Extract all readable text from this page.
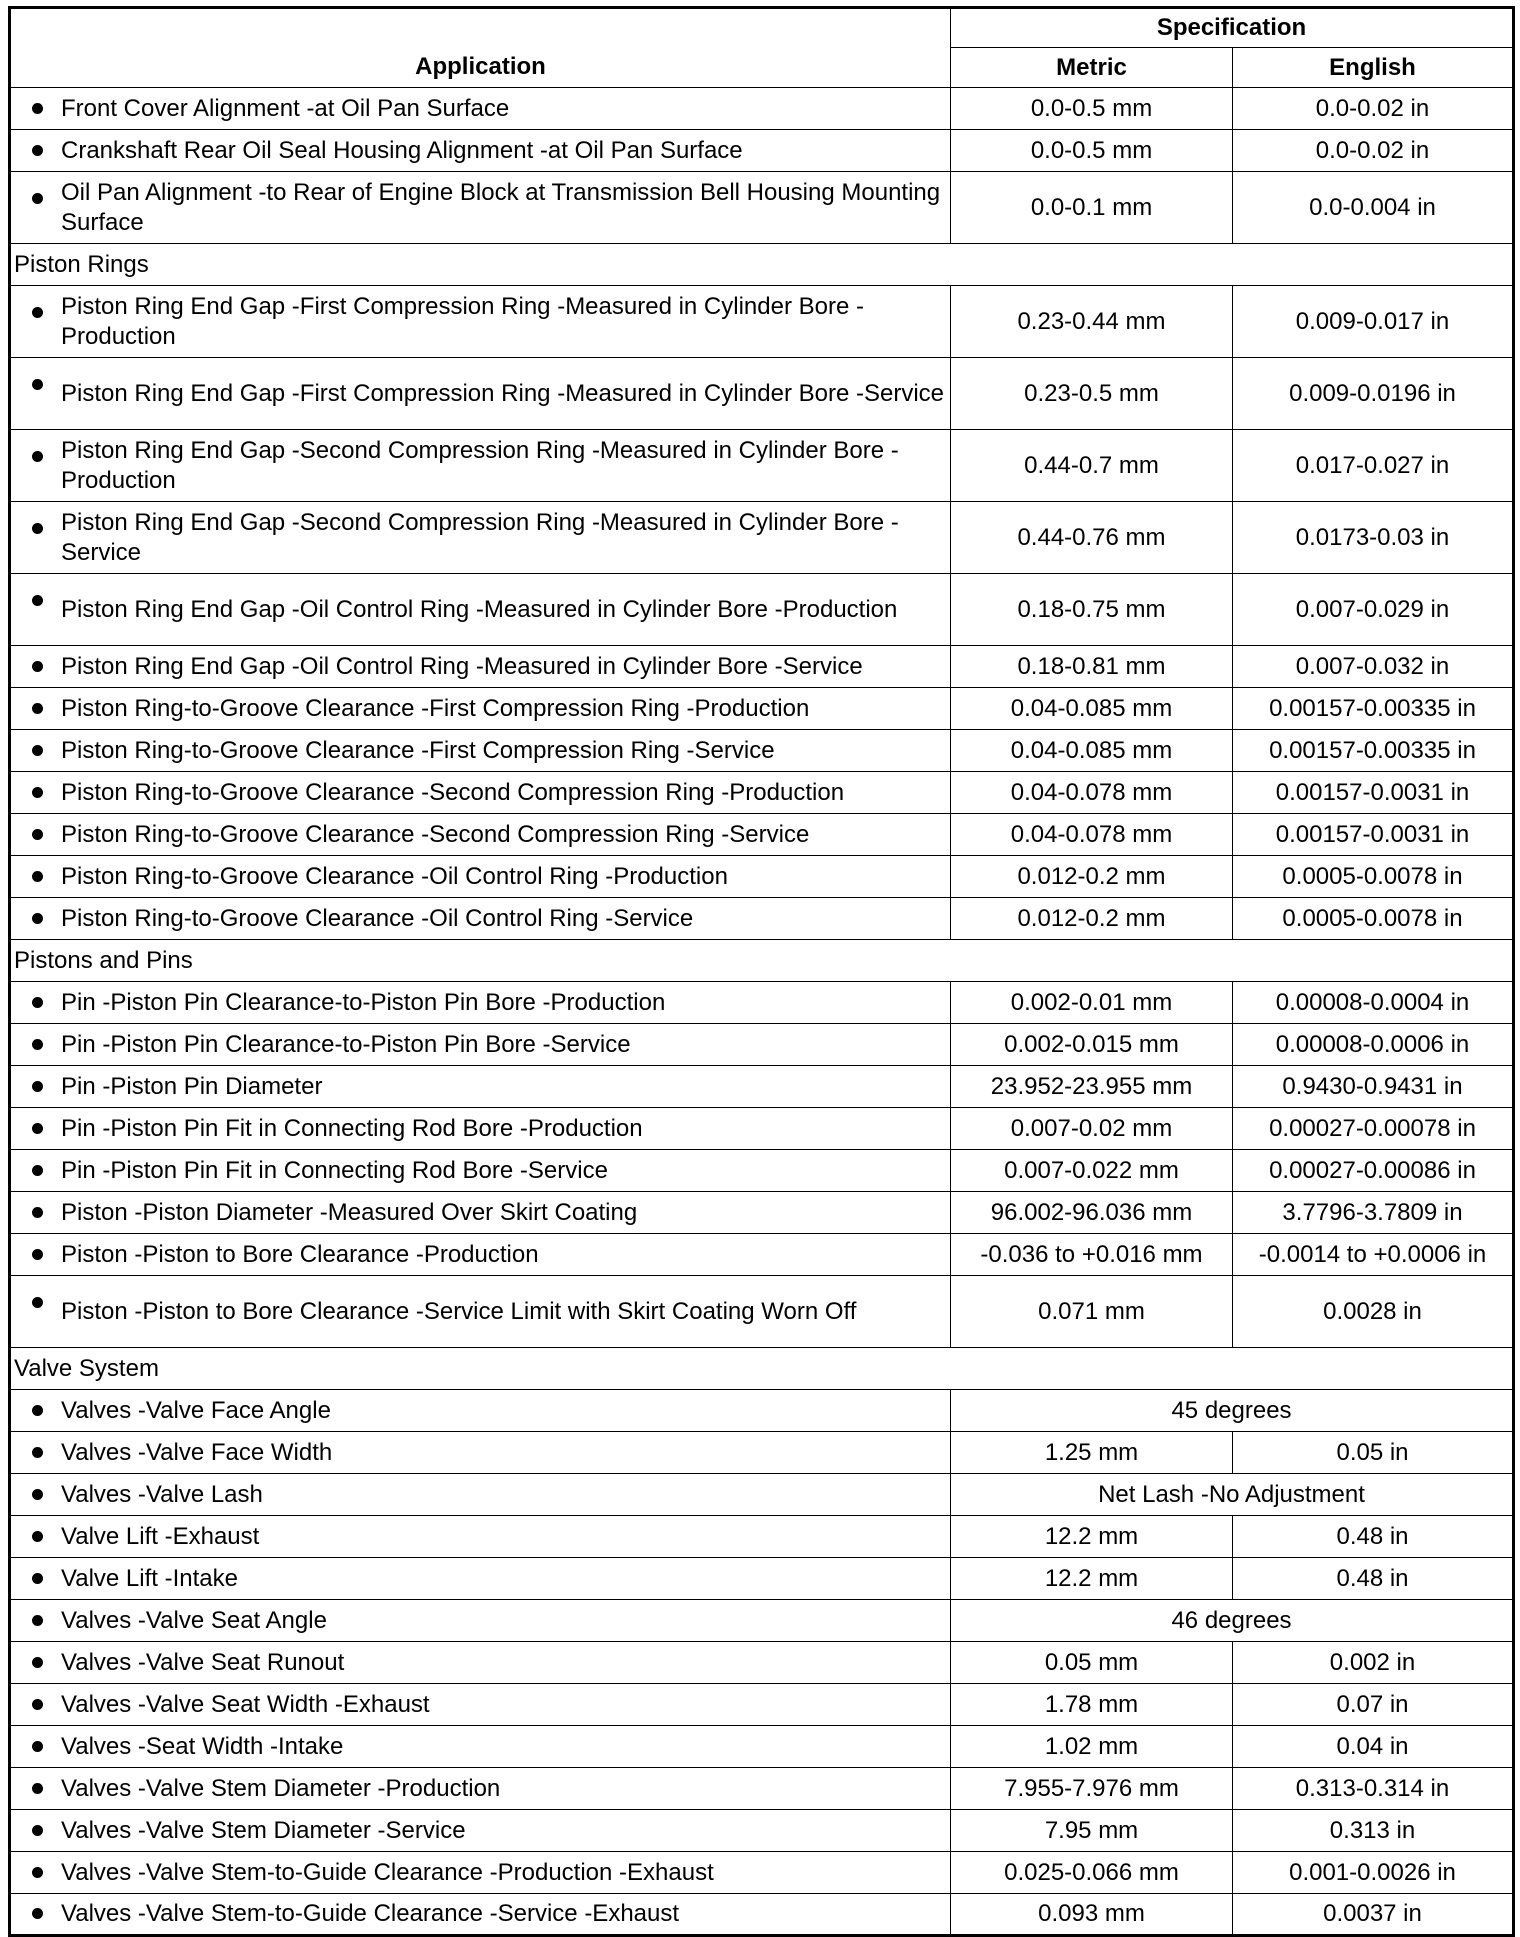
Application	Specification	
	Metric	English
Front Cover Alignment -at Oil Pan Surface	0.0-0.5 mm	0.0-0.02 in
Crankshaft Rear Oil Seal Housing Alignment -at Oil Pan Surface	0.0-0.5 mm	0.0-0.02 in
Oil Pan Alignment -to Rear of Engine Block at Transmission Bell Housing Mounting Surface	0.0-0.1 mm	0.0-0.004 in
Piston Rings		
Piston Ring End Gap -First Compression Ring -Measured in Cylinder Bore -Production	0.23-0.44 mm	0.009-0.017 in
Piston Ring End Gap -First Compression Ring -Measured in Cylinder Bore -Service	0.23-0.5 mm	0.009-0.0196 in
Piston Ring End Gap -Second Compression Ring -Measured in Cylinder Bore -Production	0.44-0.7 mm	0.017-0.027 in
Piston Ring End Gap -Second Compression Ring -Measured in Cylinder Bore -Service	0.44-0.76 mm	0.0173-0.03 in
Piston Ring End Gap -Oil Control Ring -Measured in Cylinder Bore -Production	0.18-0.75 mm	0.007-0.029 in
Piston Ring End Gap -Oil Control Ring -Measured in Cylinder Bore -Service	0.18-0.81 mm	0.007-0.032 in
Piston Ring-to-Groove Clearance -First Compression Ring -Production	0.04-0.085 mm	0.00157-0.00335 in
Piston Ring-to-Groove Clearance -First Compression Ring -Service	0.04-0.085 mm	0.00157-0.00335 in
Piston Ring-to-Groove Clearance -Second Compression Ring -Production	0.04-0.078 mm	0.00157-0.0031 in
Piston Ring-to-Groove Clearance -Second Compression Ring -Service	0.04-0.078 mm	0.00157-0.0031 in
Piston Ring-to-Groove Clearance -Oil Control Ring -Production	0.012-0.2 mm	0.0005-0.0078 in
Piston Ring-to-Groove Clearance -Oil Control Ring -Service	0.012-0.2 mm	0.0005-0.0078 in
Pistons and Pins		
Pin -Piston Pin Clearance-to-Piston Pin Bore -Production	0.002-0.01 mm	0.00008-0.0004 in
Pin -Piston Pin Clearance-to-Piston Pin Bore -Service	0.002-0.015 mm	0.00008-0.0006 in
Pin -Piston Pin Diameter	23.952-23.955 mm	0.9430-0.9431 in
Pin -Piston Pin Fit in Connecting Rod Bore -Production	0.007-0.02 mm	0.00027-0.00078 in
Pin -Piston Pin Fit in Connecting Rod Bore -Service	0.007-0.022 mm	0.00027-0.00086 in
Piston -Piston Diameter -Measured Over Skirt Coating	96.002-96.036 mm	3.7796-3.7809 in
Piston -Piston to Bore Clearance -Production	-0.036 to +0.016 mm	-0.0014 to +0.0006 in
Piston -Piston to Bore Clearance -Service Limit with Skirt Coating Worn Off	0.071 mm	0.0028 in
Valve System		
Valves -Valve Face Angle	45 degrees	
Valves -Valve Face Width	1.25 mm	0.05 in
Valves -Valve Lash	Net Lash -No Adjustment	
Valve Lift -Exhaust	12.2 mm	0.48 in
Valve Lift -Intake	12.2 mm	0.48 in
Valves -Valve Seat Angle	46 degrees	
Valves -Valve Seat Runout	0.05 mm	0.002 in
Valves -Valve Seat Width -Exhaust	1.78 mm	0.07 in
Valves -Seat Width -Intake	1.02 mm	0.04 in
Valves -Valve Stem Diameter -Production	7.955-7.976 mm	0.313-0.314 in
Valves -Valve Stem Diameter -Service	7.95 mm	0.313 in
Valves -Valve Stem-to-Guide Clearance -Production -Exhaust	0.025-0.066 mm	0.001-0.0026 in
Valves -Valve Stem-to-Guide Clearance -Service -Exhaust	0.093 mm	0.0037 in
